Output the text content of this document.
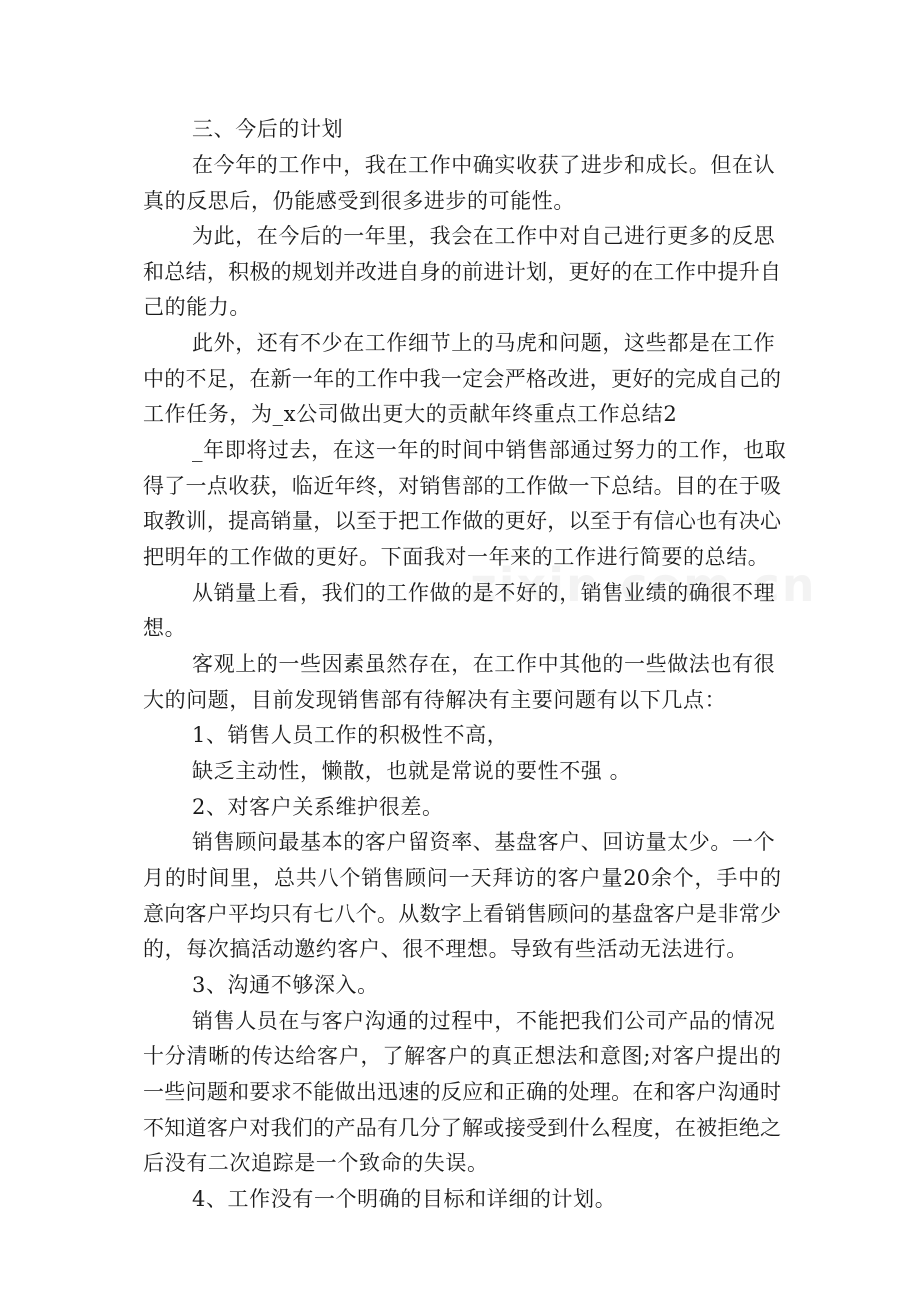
三、今后的计划
在今年的工作中，我在工作中确实收获了进步和成长。但在认
真的反思后，仍能感受到很多进步的可能性。
为此，在今后的一年里，我会在工作中对自己进行更多的反思
和总结，积极的规划并改进自身的前进计划，更好的在工作中提升自
己的能力。
此外，还有不少在工作细节上的马虎和问题，这些都是在工作
中的不足，在新一年的工作中我一定会严格改进，更好的完成自己的
工作任务，为_x公司做出更大的贡献年终重点工作总结2
_年即将过去，在这一年的时间中销售部通过努力的工作，也取
得了一点收获，临近年终，对销售部的工作做一下总结。目的在于吸
取教训，提高销量，以至于把工作做的更好，以至于有信心也有决心
把明年的工作做的更好。下面我对一年来的工作进行简要的总结。
从销量上看，我们的工作做的是不好的，销售业绩的确很不理
想。
客观上的一些因素虽然存在，在工作中其他的一些做法也有很
大的问题，目前发现销售部有待解决有主要问题有以下几点：
1、销售人员工作的积极性不高，
缺乏主动性，懒散，也就是常说的要性不强 。
2、对客户关系维护很差。
销售顾问最基本的客户留资率、基盘客户、回访量太少。一个
月的时间里，总共八个销售顾问一天拜访的客户量20余个，手中的
意向客户平均只有七八个。从数字上看销售顾问的基盘客户是非常少
的，每次搞活动邀约客户、很不理想。导致有些活动无法进行。
3、沟通不够深入。
销售人员在与客户沟通的过程中，不能把我们公司产品的情况
十分清晰的传达给客户，了解客户的真正想法和意图;对客户提出的
一些问题和要求不能做出迅速的反应和正确的处理。在和客户沟通时
不知道客户对我们的产品有几分了解或接受到什么程度，在被拒绝之
后没有二次追踪是一个致命的失误。
4、工作没有一个明确的目标和详细的计划。
